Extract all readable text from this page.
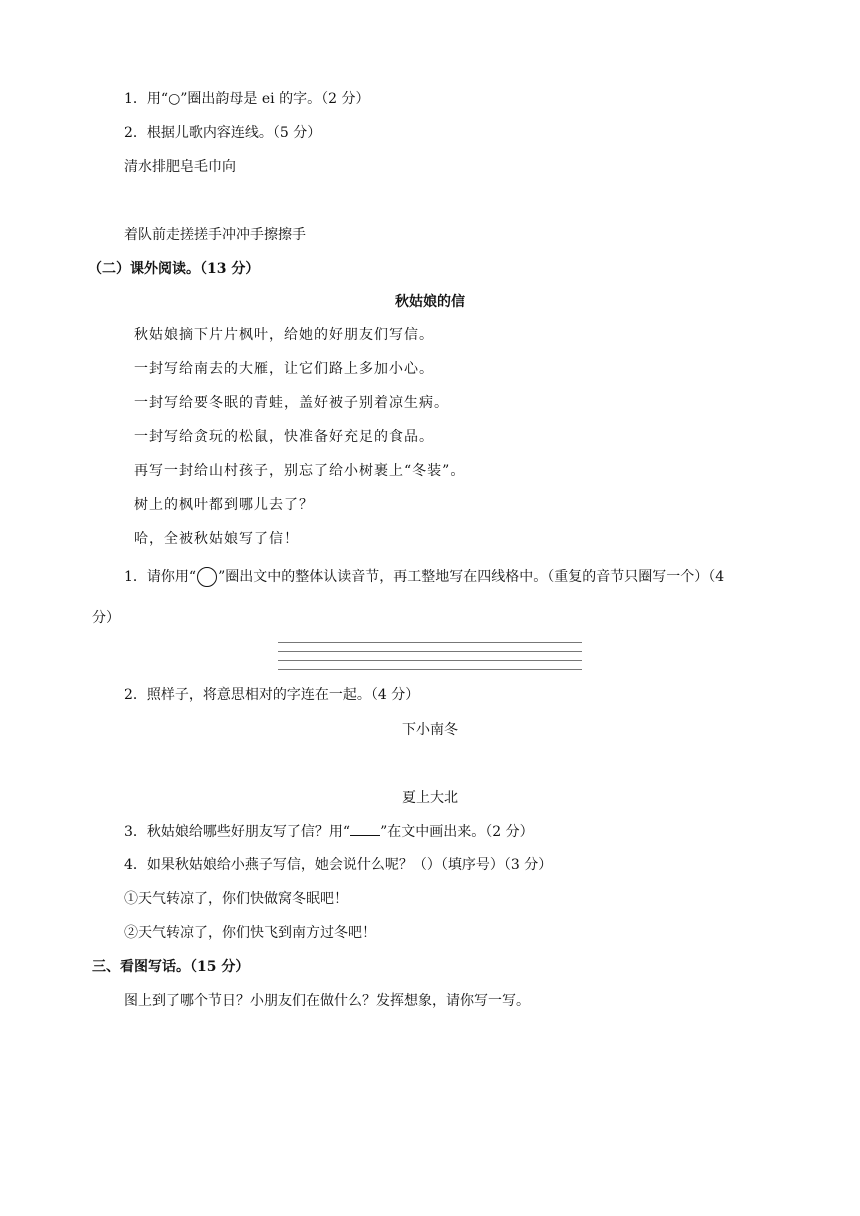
1．用“○”圈出韵母是 ei 的字。（2 分）
2．根据儿歌内容连线。（5 分）
清水排肥皂毛巾向
着队前走搓搓手冲冲手擦擦手
（二）课外阅读。（13 分）
秋姑娘的信
秋姑娘摘下片片枫叶，给她的好朋友们写信。
一封写给南去的大雁，让它们路上多加小心。
一封写给要冬眠的青蛙，盖好被子别着凉生病。
一封写给贪玩的松鼠，快准备好充足的食品。
再写一封给山村孩子，别忘了给小树裹上“冬装”。
树上的枫叶都到哪儿去了？
哈，全被秋姑娘写了信！
1．请你用“○”圈出文中的整体认读音节，再工整地写在四线格中。（重复的音节只圈写一个）（4
分）
2．照样子，将意思相对的字连在一起。（4 分）
下小南冬
夏上大北
3．秋姑娘给哪些好朋友写了信？用“ ”在文中画出来。（2 分）
4．如果秋姑娘给小燕子写信，她会说什么呢？（）（填序号）（3 分）
①天气转凉了，你们快做窝冬眠吧！
②天气转凉了，你们快飞到南方过冬吧！
三、看图写话。（15 分）
图上到了哪个节日？小朋友们在做什么？发挥想象，请你写一写。
